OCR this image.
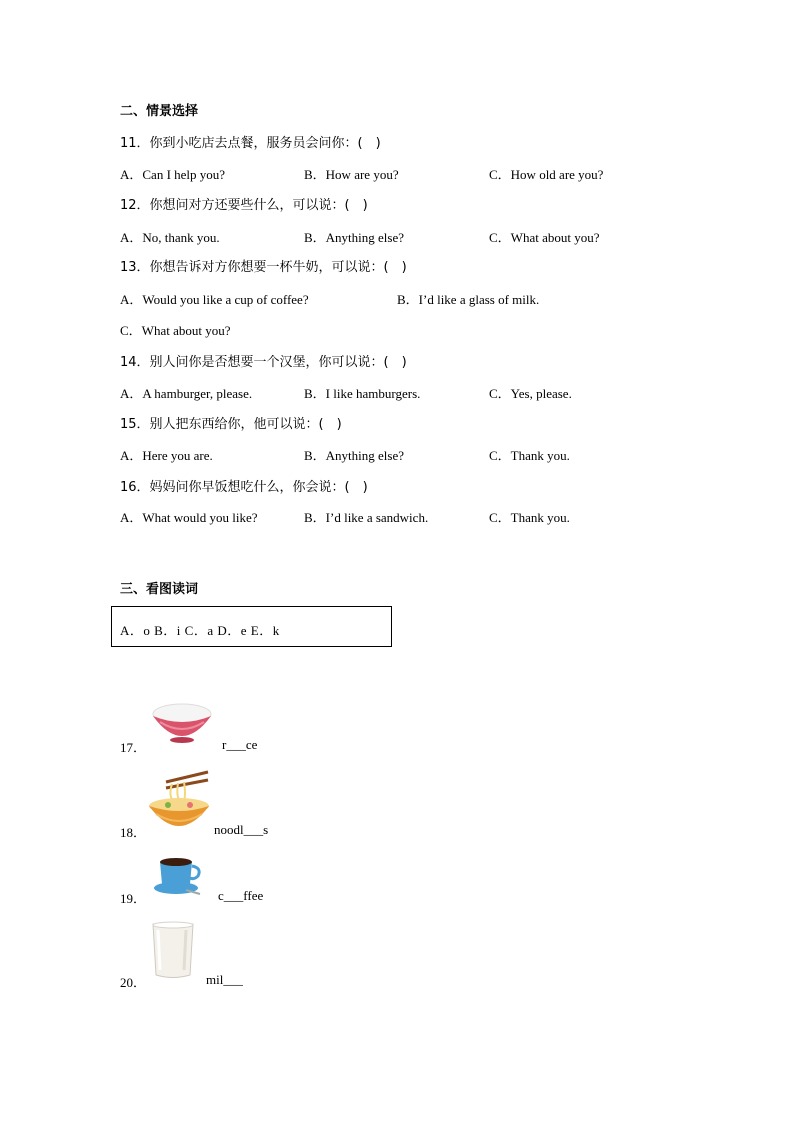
二、情景选择
11．你到小吃店去点餐，服务员会问你：(　)
A．Can I help you?	B．How are you?	C．How old are you?
12．你想问对方还要些什么，可以说：(　)
A．No, thank you.	B．Anything else?	C．What about you?
13．你想告诉对方你想要一杯牛奶，可以说：(　)
A．Would you like a cup of coffee?	B．I’d like a glass of milk.
C．What about you?
14．别人问你是否想要一个汉堡，你可以说：(　)
A．A hamburger, please.	B．I like hamburgers.	C．Yes, please.
15．别人把东西给你，他可以说：(　)
A．Here you are.	B．Anything else?	C．Thank you.
16．妈妈问你早饭想吃什么，你会说：(　)
A．What would you like?	B．I’d like a sandwich.	C．Thank you.
三、看图读词
A．o B．i C．a D．e E．k
17．	r___ce
18．	noodl___s
19．	c___ffee
20．	mil___
